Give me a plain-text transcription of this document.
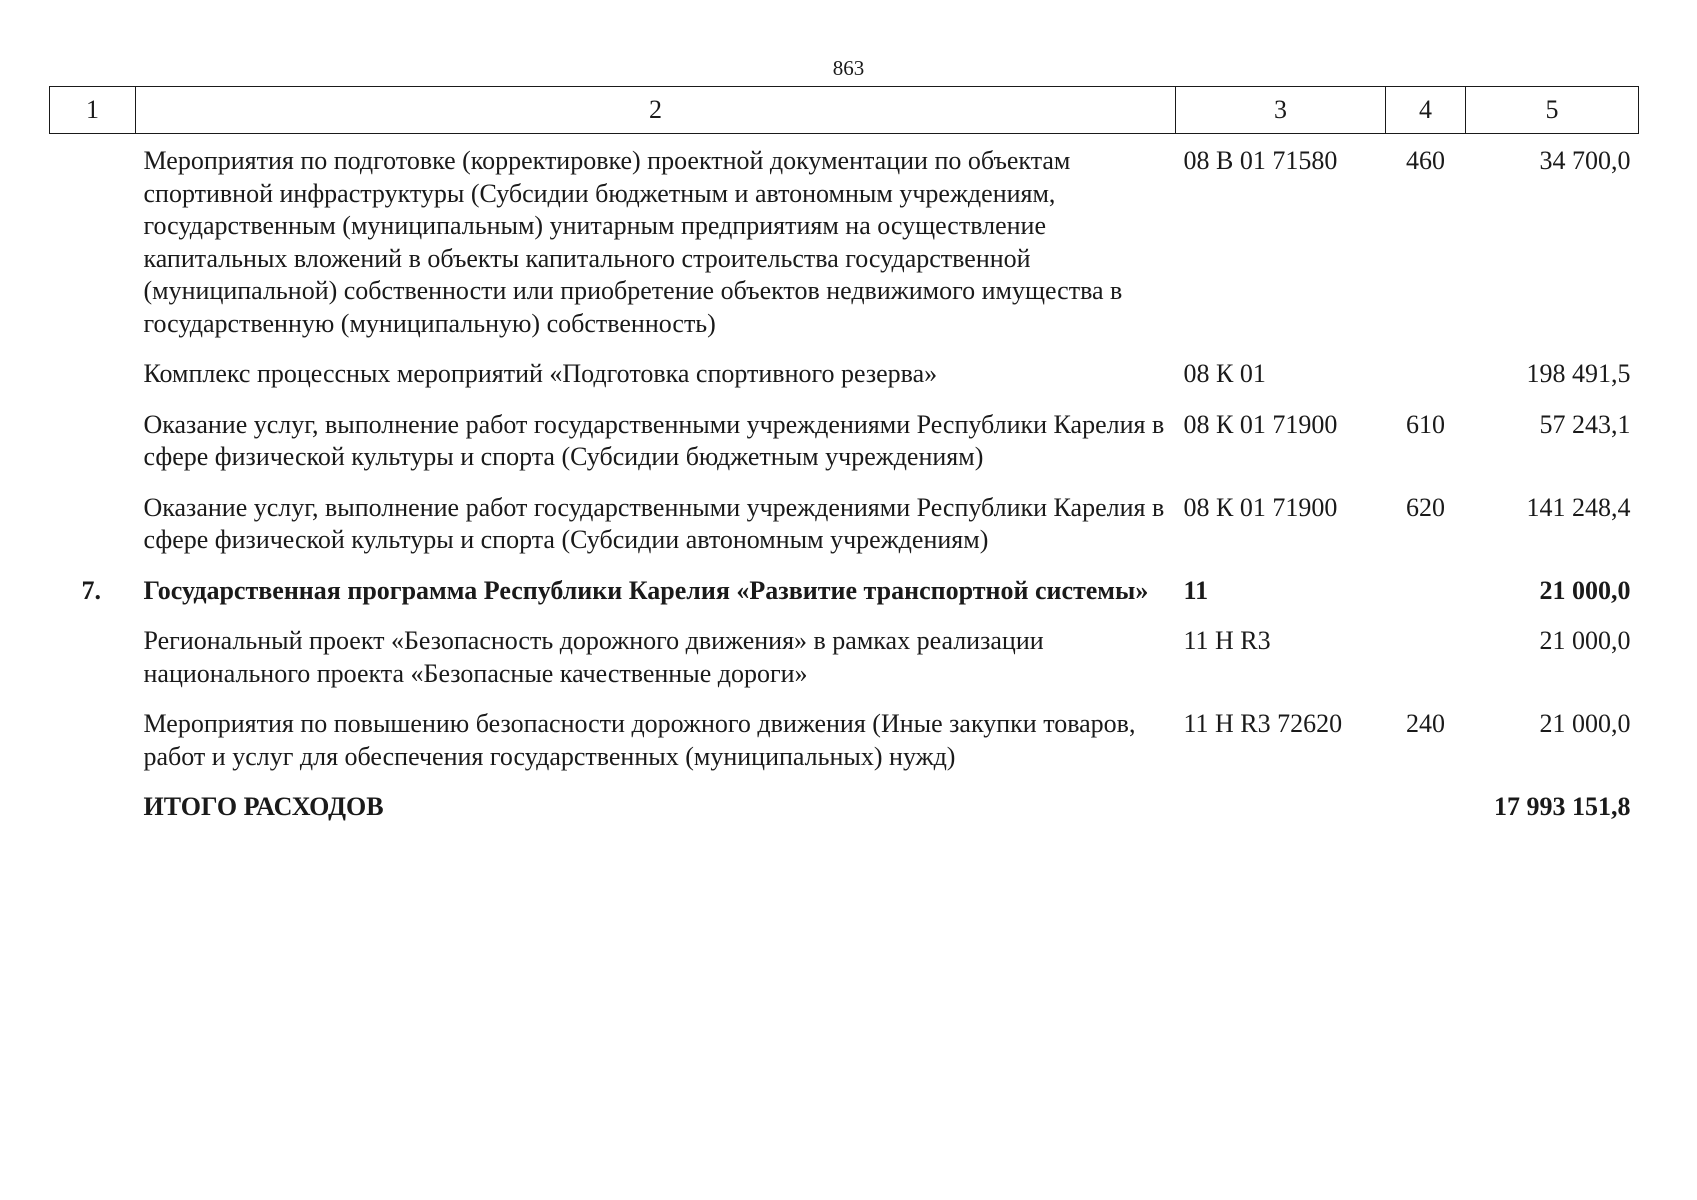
863
1	2	3	4	5
	Мероприятия по подготовке (корректировке) проектной документации по объектам спортивной инфраструктуры (Субсидии бюджетным и автономным учреждениям, государственным (муниципальным) унитарным предприятиям на осуществление капитальных вложений в объекты капитального строительства государственной (муниципальной) собственности или приобретение объектов недвижимого имущества в государственную (муниципальную) собственность)	08 В 01 71580	460	34 700,0
	Комплекс процессных мероприятий «Подготовка спортивного резерва»	08 К 01		198 491,5
	Оказание услуг, выполнение работ государственными учреждениями Республики Карелия в сфере физической культуры и спорта (Субсидии бюджетным учреждениям)	08 К 01 71900	610	57 243,1
	Оказание услуг, выполнение работ государственными учреждениями Республики Карелия в сфере физической культуры и спорта (Субсидии автономным учреждениям)	08 К 01 71900	620	141 248,4
7.	Государственная программа Республики Карелия «Развитие транспортной системы»	11		21 000,0
	Региональный проект «Безопасность дорожного движения» в рамках реализации национального проекта «Безопасные качественные дороги»	11 Н R3		21 000,0
	Мероприятия по повышению безопасности дорожного движения (Иные закупки товаров, работ и услуг для обеспечения государственных (муниципальных) нужд)	11 Н R3 72620	240	21 000,0
	ИТОГО РАСХОДОВ			17 993 151,8
